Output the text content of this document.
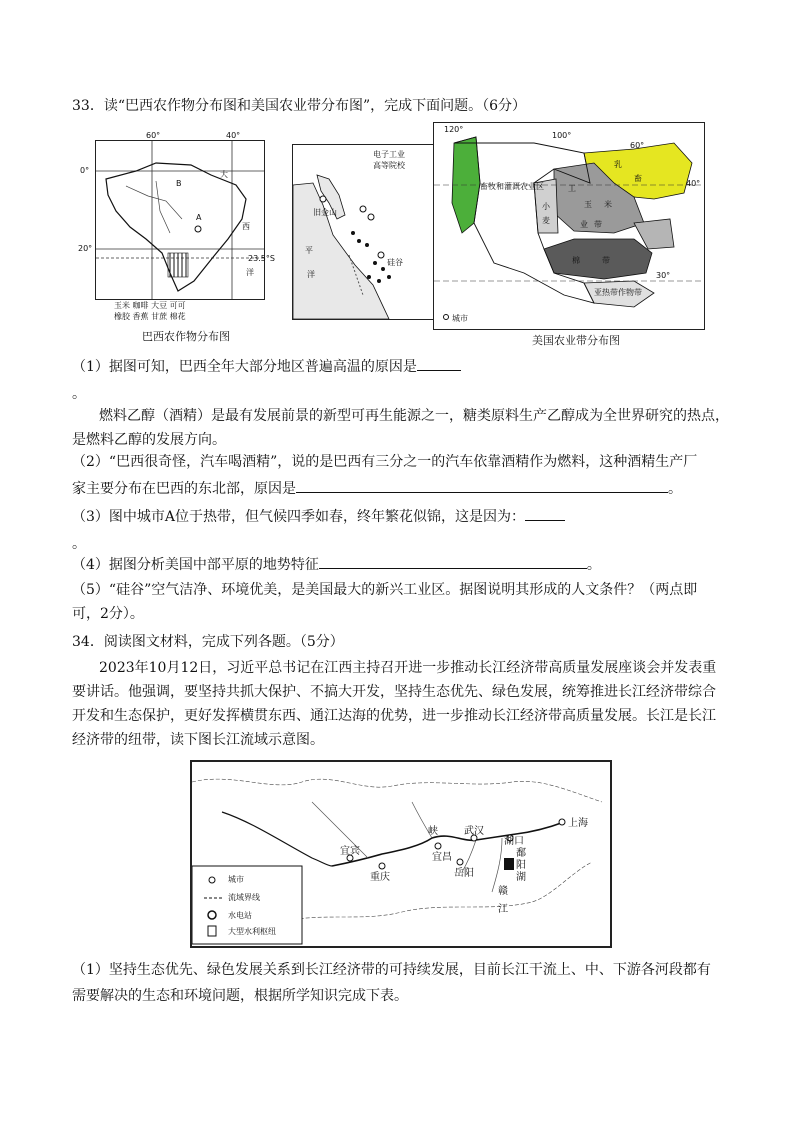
33．读“巴西农作物分布图和美国农业带分布图”，完成下面问题。（6分）
B
A
大
西
洋
60°	40°
0°
20°
23.5°S
玉米 咖啡 大豆 可可
橡胶 香蕉 甘蔗 棉花
巴西农作物分布图
电子工业
高等院校
旧金山
硅谷
平
洋
120°
100°
60°
40°
30°
畜牧和灌溉农业区
亚热带作物带
玉 米
棉	带
小
麦
乳
畜
工
业 带
城市
美国农业带分布图
（1）据图可知，巴西全年大部分地区普遍高温的原因是
。
燃料乙醇（酒精）是最有发展前景的新型可再生能源之一，糖类原料生产乙醇成为全世界研究的热点，
是燃料乙醇的发展方向。
（2）“巴西很奇怪，汽车喝酒精”，说的是巴西有三分之一的汽车依靠酒精作为燃料，这种酒精生产厂
家主要分布在巴西的东北部，原因是	。
（3）图中城市A位于热带，但气候四季如春，终年繁花似锦，这是因为：
。
（4）据图分析美国中部平原的地势特征	。
（5）“硅谷”空气洁净、环境优美，是美国最大的新兴工业区。据图说明其形成的人文条件？（两点即
可，2分）。
34．阅读图文材料，完成下列各题。（5分）
2023年10月12日，习近平总书记在江西主持召开进一步推动长江经济带高质量发展座谈会并发表重
要讲话。他强调，要坚持共抓大保护、不搞大开发，坚持生态优先、绿色发展，统筹推进长江经济带综合
开发和生态保护，更好发挥横贯东西、通江达海的优势，进一步推动长江经济带高质量发展。长江是长江
经济带的纽带，读下图长江流域示意图。
宜宾
重庆
宜昌
武汉
湖口
上海
岳阳
峡
鄱
阳
湖
赣
江
城市
流域界线
水电站
大型水利枢纽
（1）坚持生态优先、绿色发展关系到长江经济带的可持续发展，目前长江干流上、中、下游各河段都有
需要解决的生态和环境问题，根据所学知识完成下表。
